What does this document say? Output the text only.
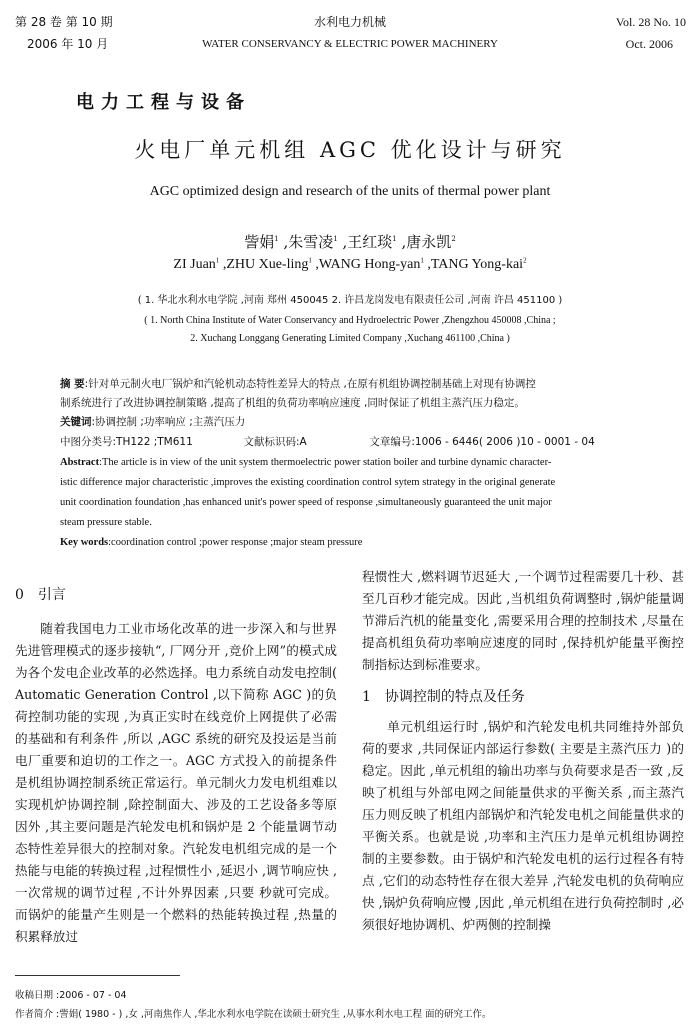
第 28 卷 第 10 期
2006 年 10 月
水利电力机械
WATER CONSERVANCY & ELECTRIC POWER MACHINERY
Vol. 28 No. 10
Oct. 2006
电力工程与设备
火电厂单元机组 AGC 优化设计与研究
AGC optimized design and research of the units of thermal power plant
訾娟$^1$ ,朱雪凌$^1$ ,王红琰$^1$ ,唐永凯$^2$
ZI Juan$^1$ ,ZHU Xue-ling$^1$ ,WANG Hong-yan$^1$ ,TANG Yong-kai$^2$
( 1. 华北水利水电学院 ,河南 郑州 450045 2. 许昌龙岗发电有限责任公司 ,河南 许昌 451100 )
( 1. North China Institute of Water Conservancy and Hydroelectric Power ,Zhengzhou 450008 ,China ;
2. Xuchang Longgang Generating Limited Company ,Xuchang 461100 ,China )
摘 要:针对单元制火电厂锅炉和汽轮机动态特性差异大的特点 ,在原有机组协调控制基础上对现有协调控
制系统进行了改进协调控制策略 ,提高了机组的负荷功率响应速度 ,同时保证了机组主蒸汽压力稳定。
关键词:协调控制 ;功率响应 ;主蒸汽压力
中图分类号:TH122 ;TM611	文献标识码:A	文章编号:1006 - 6446( 2006 )10 - 0001 - 04
Abstract:The article is in view of the unit system thermoelectric power station boiler and turbine dynamic character-
istic difference major characteristic ,improves the existing coordination control sytem strategy in the original generate
unit coordination foundation ,has enhanced unit's power speed of response ,simultaneously guaranteed the unit major
steam pressure stable.
Key words:coordination control ;power response ;major steam pressure
0 引言

随着我国电力工业市场化改革的进一步深入和与世界先进管理模式的逐步接轨“, 厂网分开 ,竞价上网”的模式成为各个发电企业改革的必然选择。电力系统自动发电控制( Automatic Generation Control ,以下简称 AGC )的负荷控制功能的实现 ,为真正实时在线竞价上网提供了必需的基础和有利条件 ,所以 ,AGC 系统的研究及投运是当前电厂重要和迫切的工作之一。AGC 方式投入的前提条件是机组协调控制系统正常运行。单元制火力发电机组难以实现机炉协调控制 ,除控制面大、涉及的工艺设备多等原因外 ,其主要问题是汽轮发电机和锅炉是 2 个能量调节动态特性差异很大的控制对象。汽轮发电机组完成的是一个热能与电能的转换过程 ,过程惯性小 ,延迟小 ,调节响应快 ,一次常规的调节过程 ,不计外界因素 ,只要 秒就可完成。而锅炉的能量产生则是一个燃料的热能转换过程 ,热量的积累释放过

程惯性大 ,燃料调节迟延大 ,一个调节过程需要几十秒、甚至几百秒才能完成。因此 ,当机组负荷调整时 ,锅炉能量调节滞后汽机的能量变化 ,需要采用合理的控制技术 ,尽量在提高机组负荷功率响应速度的同时 ,保持机炉能量平衡控制指标达到标准要求。

1 协调控制的特点及任务

单元机组运行时 ,锅炉和汽轮发电机共同维持外部负荷的要求 ,共同保证内部运行参数( 主要是主蒸汽压力 )的稳定。因此 ,单元机组的输出功率与负荷要求是否一致 ,反映了机组与外部电网之间能量供求的平衡关系 ,而主蒸汽压力则反映了机组内部锅炉和汽轮发电机之间能量供求的平衡关系。也就是说 ,功率和主汽压力是单元机组协调控制的主要参数。由于锅炉和汽轮发电机的运行过程各有特点 ,它们的动态特性存在很大差异 ,汽轮发电机的负荷响应快 ,锅炉负荷响应慢 ,因此 ,单元机组在进行负荷控制时 ,必须很好地协调机、炉两侧的控制操

收稿日期 :2006 - 07 - 04
作者简介 :訾娟( 1980 - ) ,女 ,河南焦作人 ,华北水利水电学院在读硕士研究生 ,从事水利水电工程 面的研究工作。
